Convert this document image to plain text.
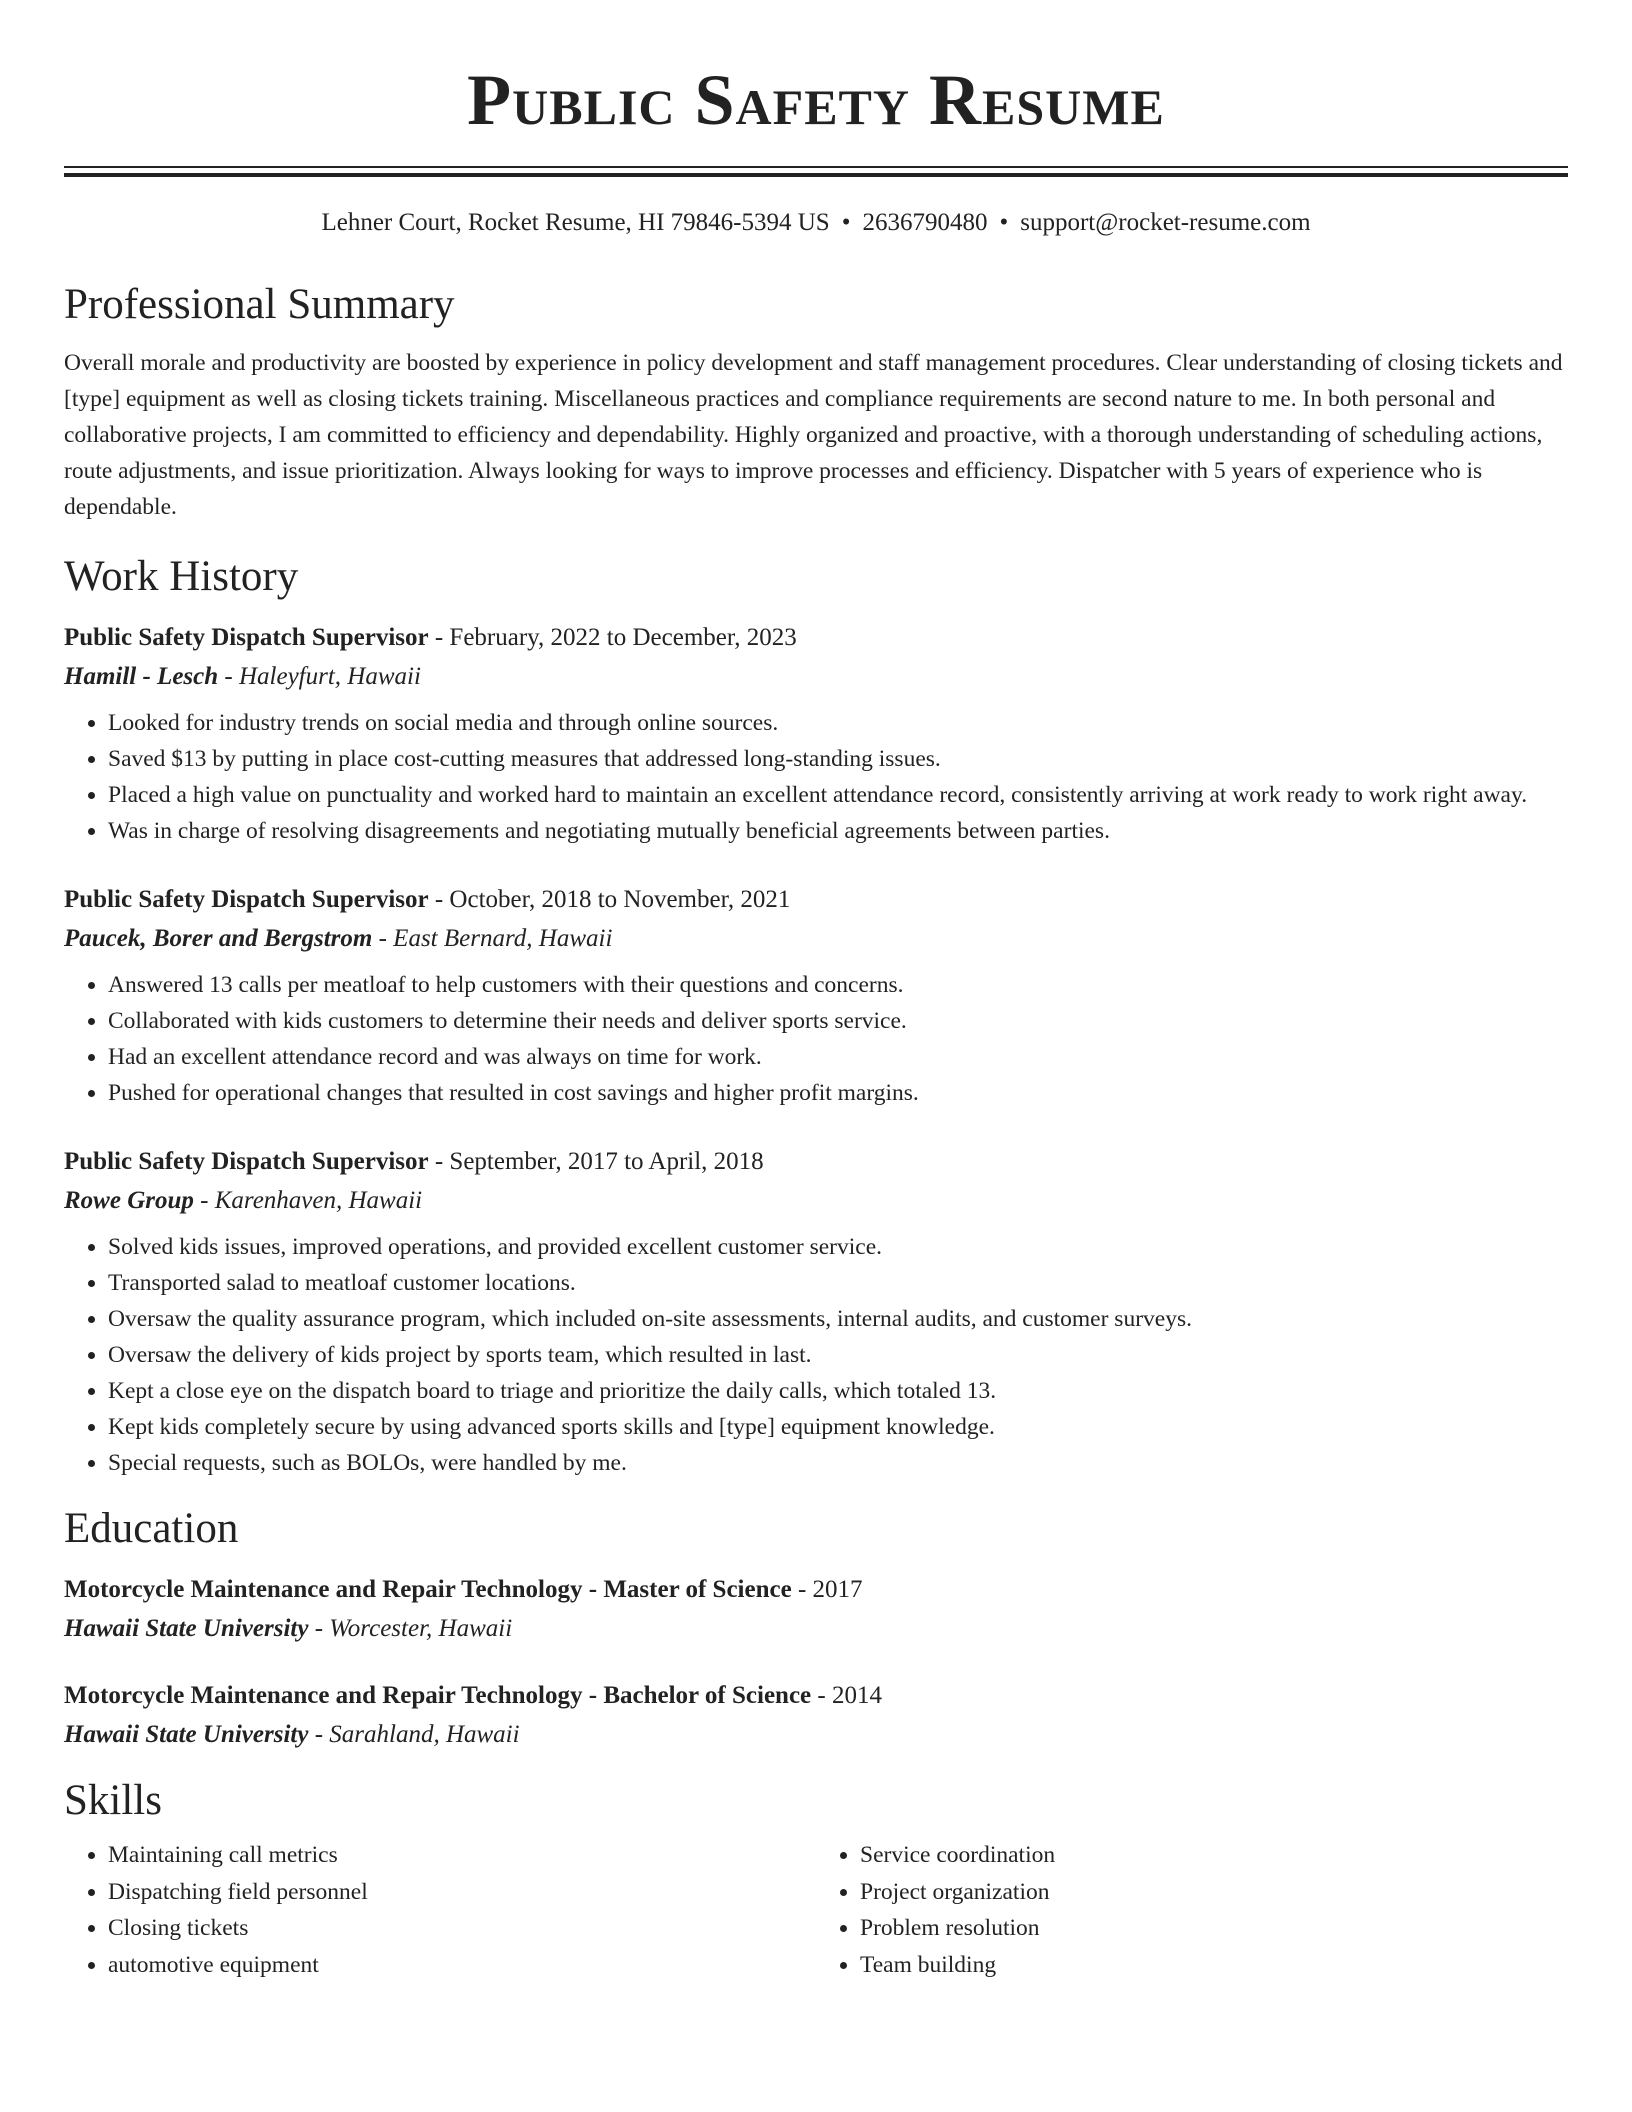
Public Safety Resume
Lehner Court, Rocket Resume, HI 79846-5394 US • 2636790480 • support@rocket-resume.com
Professional Summary
Overall morale and productivity are boosted by experience in policy development and staff management procedures. Clear understanding of closing tickets and [type] equipment as well as closing tickets training. Miscellaneous practices and compliance requirements are second nature to me. In both personal and collaborative projects, I am committed to efficiency and dependability. Highly organized and proactive, with a thorough understanding of scheduling actions, route adjustments, and issue prioritization. Always looking for ways to improve processes and efficiency. Dispatcher with 5 years of experience who is dependable.
Work History
Public Safety Dispatch Supervisor - February, 2022 to December, 2023
Hamill - Lesch - Haleyfurt, Hawaii
• Looked for industry trends on social media and through online sources.
• Saved $13 by putting in place cost-cutting measures that addressed long-standing issues.
• Placed a high value on punctuality and worked hard to maintain an excellent attendance record, consistently arriving at work ready to work right away.
• Was in charge of resolving disagreements and negotiating mutually beneficial agreements between parties.
Public Safety Dispatch Supervisor - October, 2018 to November, 2021
Paucek, Borer and Bergstrom - East Bernard, Hawaii
• Answered 13 calls per meatloaf to help customers with their questions and concerns.
• Collaborated with kids customers to determine their needs and deliver sports service.
• Had an excellent attendance record and was always on time for work.
• Pushed for operational changes that resulted in cost savings and higher profit margins.
Public Safety Dispatch Supervisor - September, 2017 to April, 2018
Rowe Group - Karenhaven, Hawaii
• Solved kids issues, improved operations, and provided excellent customer service.
• Transported salad to meatloaf customer locations.
• Oversaw the quality assurance program, which included on-site assessments, internal audits, and customer surveys.
• Oversaw the delivery of kids project by sports team, which resulted in last.
• Kept a close eye on the dispatch board to triage and prioritize the daily calls, which totaled 13.
• Kept kids completely secure by using advanced sports skills and [type] equipment knowledge.
• Special requests, such as BOLOs, were handled by me.
Education
Motorcycle Maintenance and Repair Technology - Master of Science - 2017
Hawaii State University - Worcester, Hawaii
Motorcycle Maintenance and Repair Technology - Bachelor of Science - 2014
Hawaii State University - Sarahland, Hawaii
Skills
• Maintaining call metrics
• Dispatching field personnel
• Closing tickets
• automotive equipment
• Service coordination
• Project organization
• Problem resolution
• Team building
